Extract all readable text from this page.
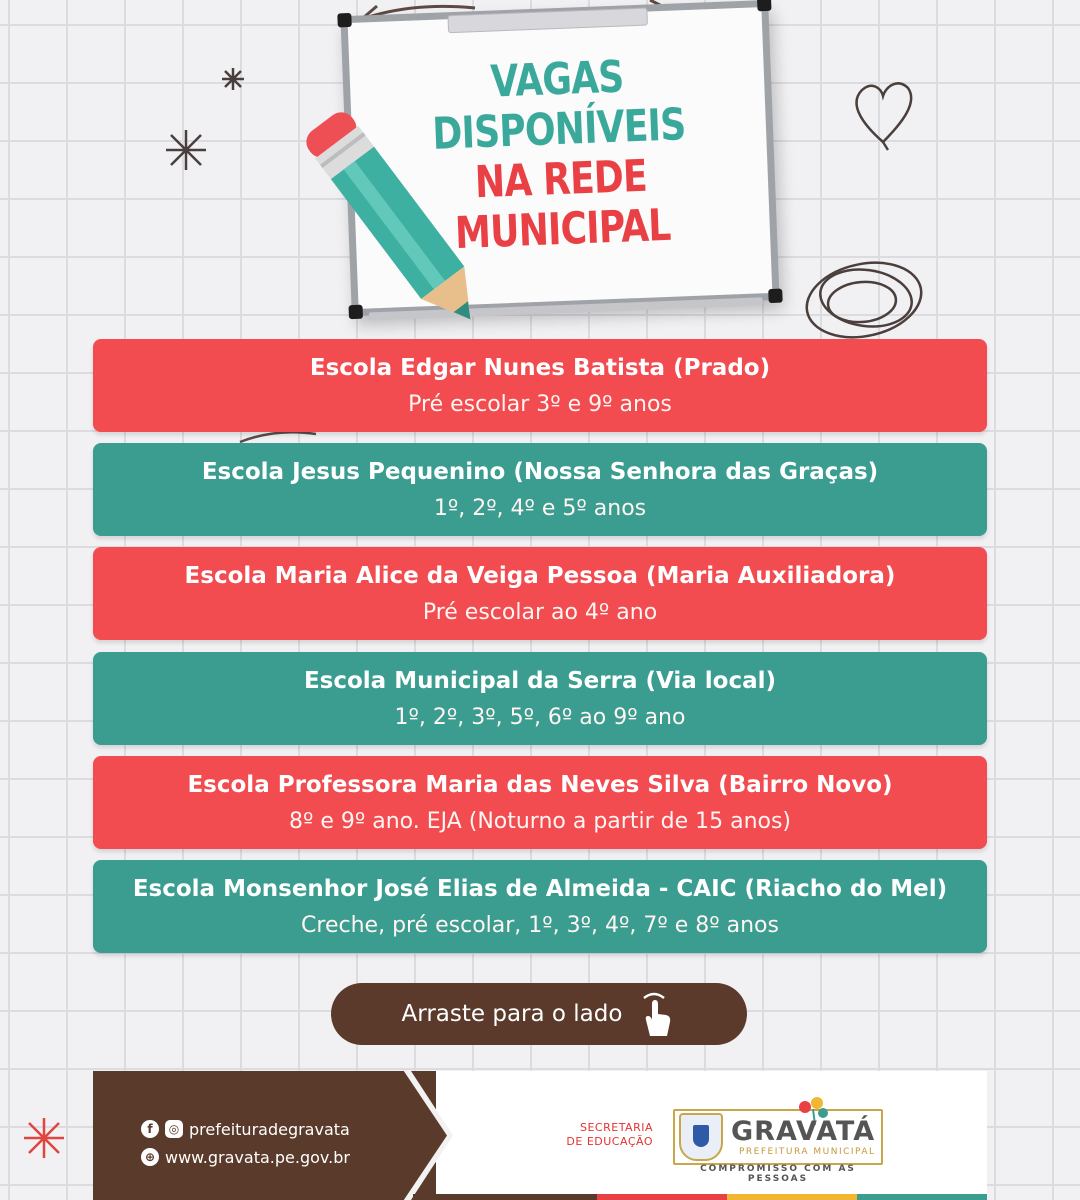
VAGAS
DISPONÍVEIS
NA REDE
MUNICIPAL
Escola Edgar Nunes Batista (Prado)
Pré escolar 3º e 9º anos
Escola Jesus Pequenino (Nossa Senhora das Graças)
1º, 2º, 4º e 5º anos
Escola Maria Alice da Veiga Pessoa (Maria Auxiliadora)
Pré escolar ao 4º ano
Escola Municipal da Serra (Via local)
1º, 2º, 3º, 5º, 6º ao 9º ano
Escola Professora Maria das Neves Silva (Bairro Novo)
8º e 9º ano. EJA (Noturno a partir de 15 anos)
Escola Monsenhor José Elias de Almeida - CAIC (Riacho do Mel)
Creche, pré escolar, 1º, 3º, 4º, 7º e 8º anos
Arraste para o lado
f	◎ prefeituradegravata
⊕ www.gravata.pe.gov.br
SECRETARIA
DE EDUCAÇÃO	GRAVATÁ
PREFEITURA MUNICIPAL
COMPROMISSO COM AS PESSOAS
